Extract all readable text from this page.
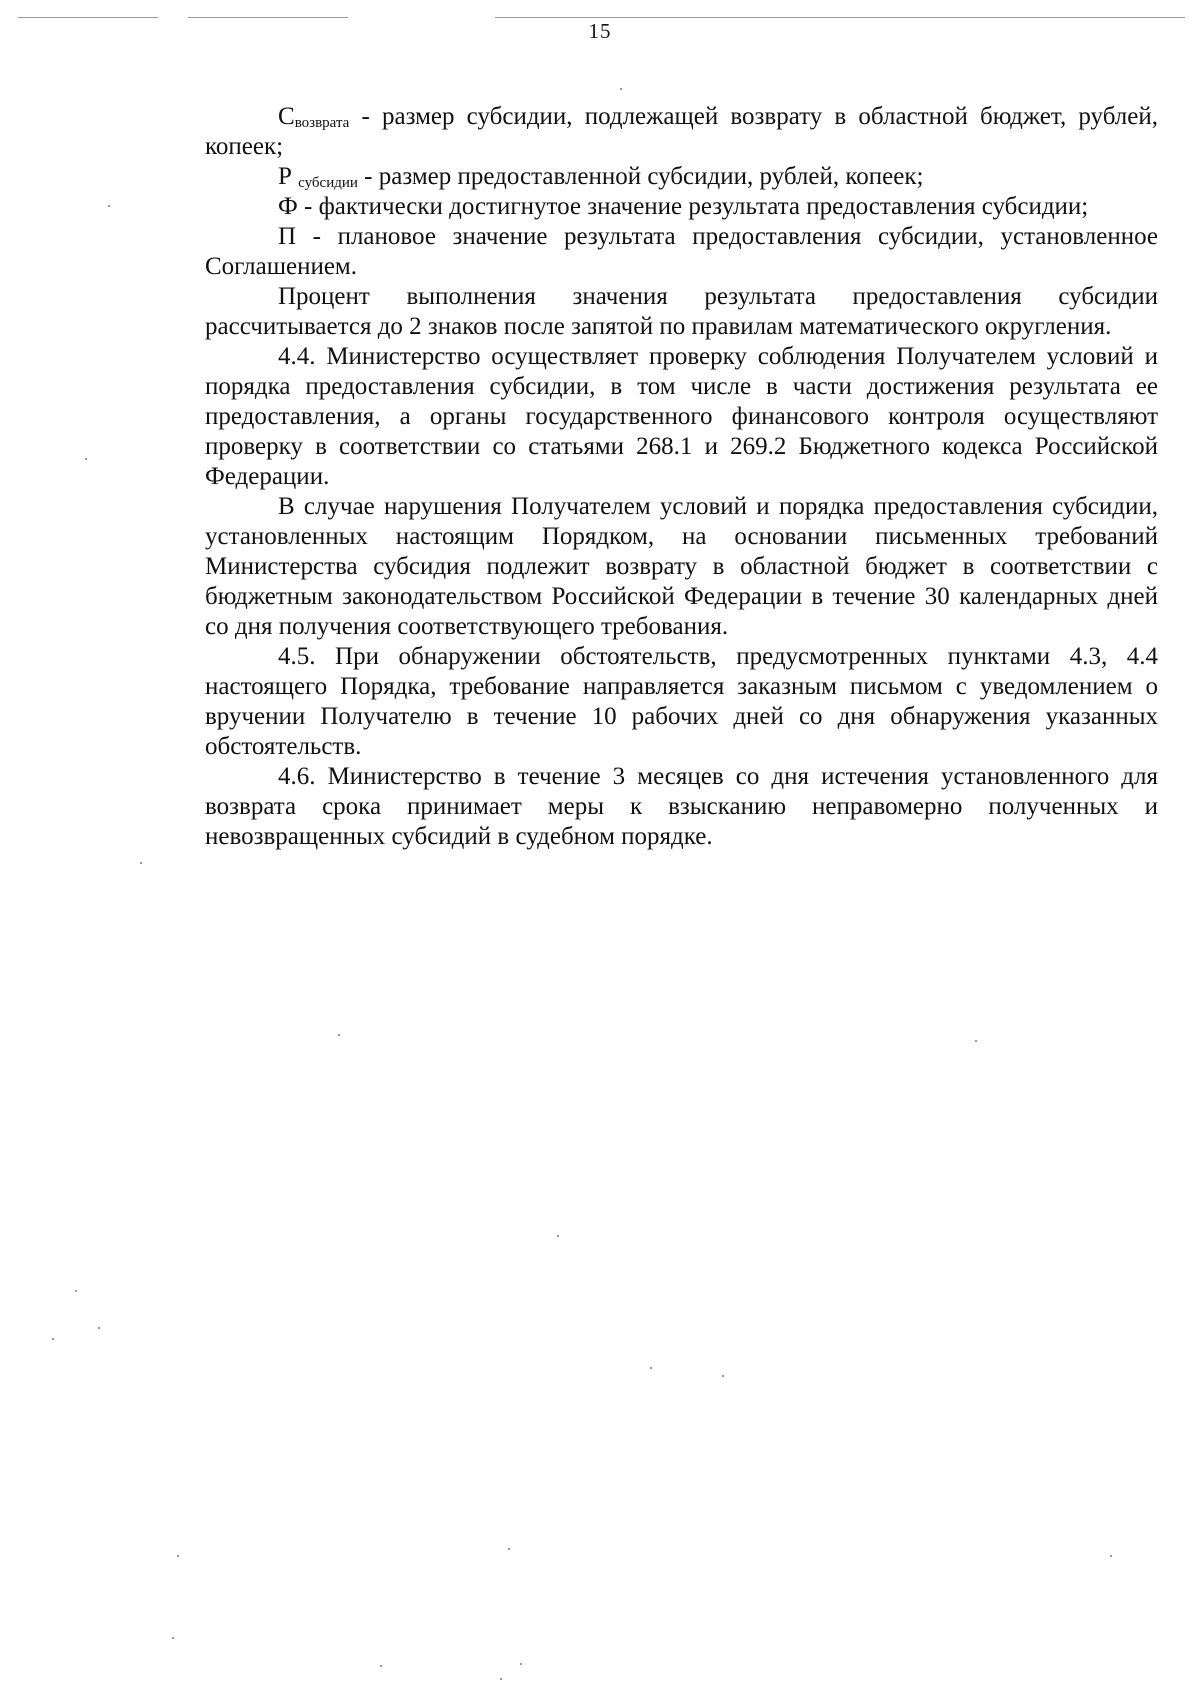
15

$С_{возврата}$ - размер субсидии, подлежащей возврату в областной бюджет, рублей, копеек;

Р $_{субсидии}$ - размер предоставленной субсидии, рублей, копеек;

Ф - фактически достигнутое значение результата предоставления субсидии;

П - плановое значение результата предоставления субсидии, установленное Соглашением.

Процент выполнения значения результата предоставления субсидии рассчитывается до 2 знаков после запятой по правилам математического округления.

4.4. Министерство осуществляет проверку соблюдения Получателем условий и порядка предоставления субсидии, в том числе в части достижения результата ее предоставления, а органы государственного финансового контроля осуществляют проверку в соответствии со статьями 268.1 и 269.2 Бюджетного кодекса Российской Федерации.

В случае нарушения Получателем условий и порядка предоставления субсидии, установленных настоящим Порядком, на основании письменных требований Министерства субсидия подлежит возврату в областной бюджет в соответствии с бюджетным законодательством Российской Федерации в течение 30 календарных дней со дня получения соответствующего требования.

4.5. При обнаружении обстоятельств, предусмотренных пунктами 4.3, 4.4 настоящего Порядка, требование направляется заказным письмом с уведомлением о вручении Получателю в течение 10 рабочих дней со дня обнаружения указанных обстоятельств.

4.6. Министерство в течение 3 месяцев со дня истечения установленного для возврата срока принимает меры к взысканию неправомерно полученных и невозвращенных субсидий в судебном порядке.
